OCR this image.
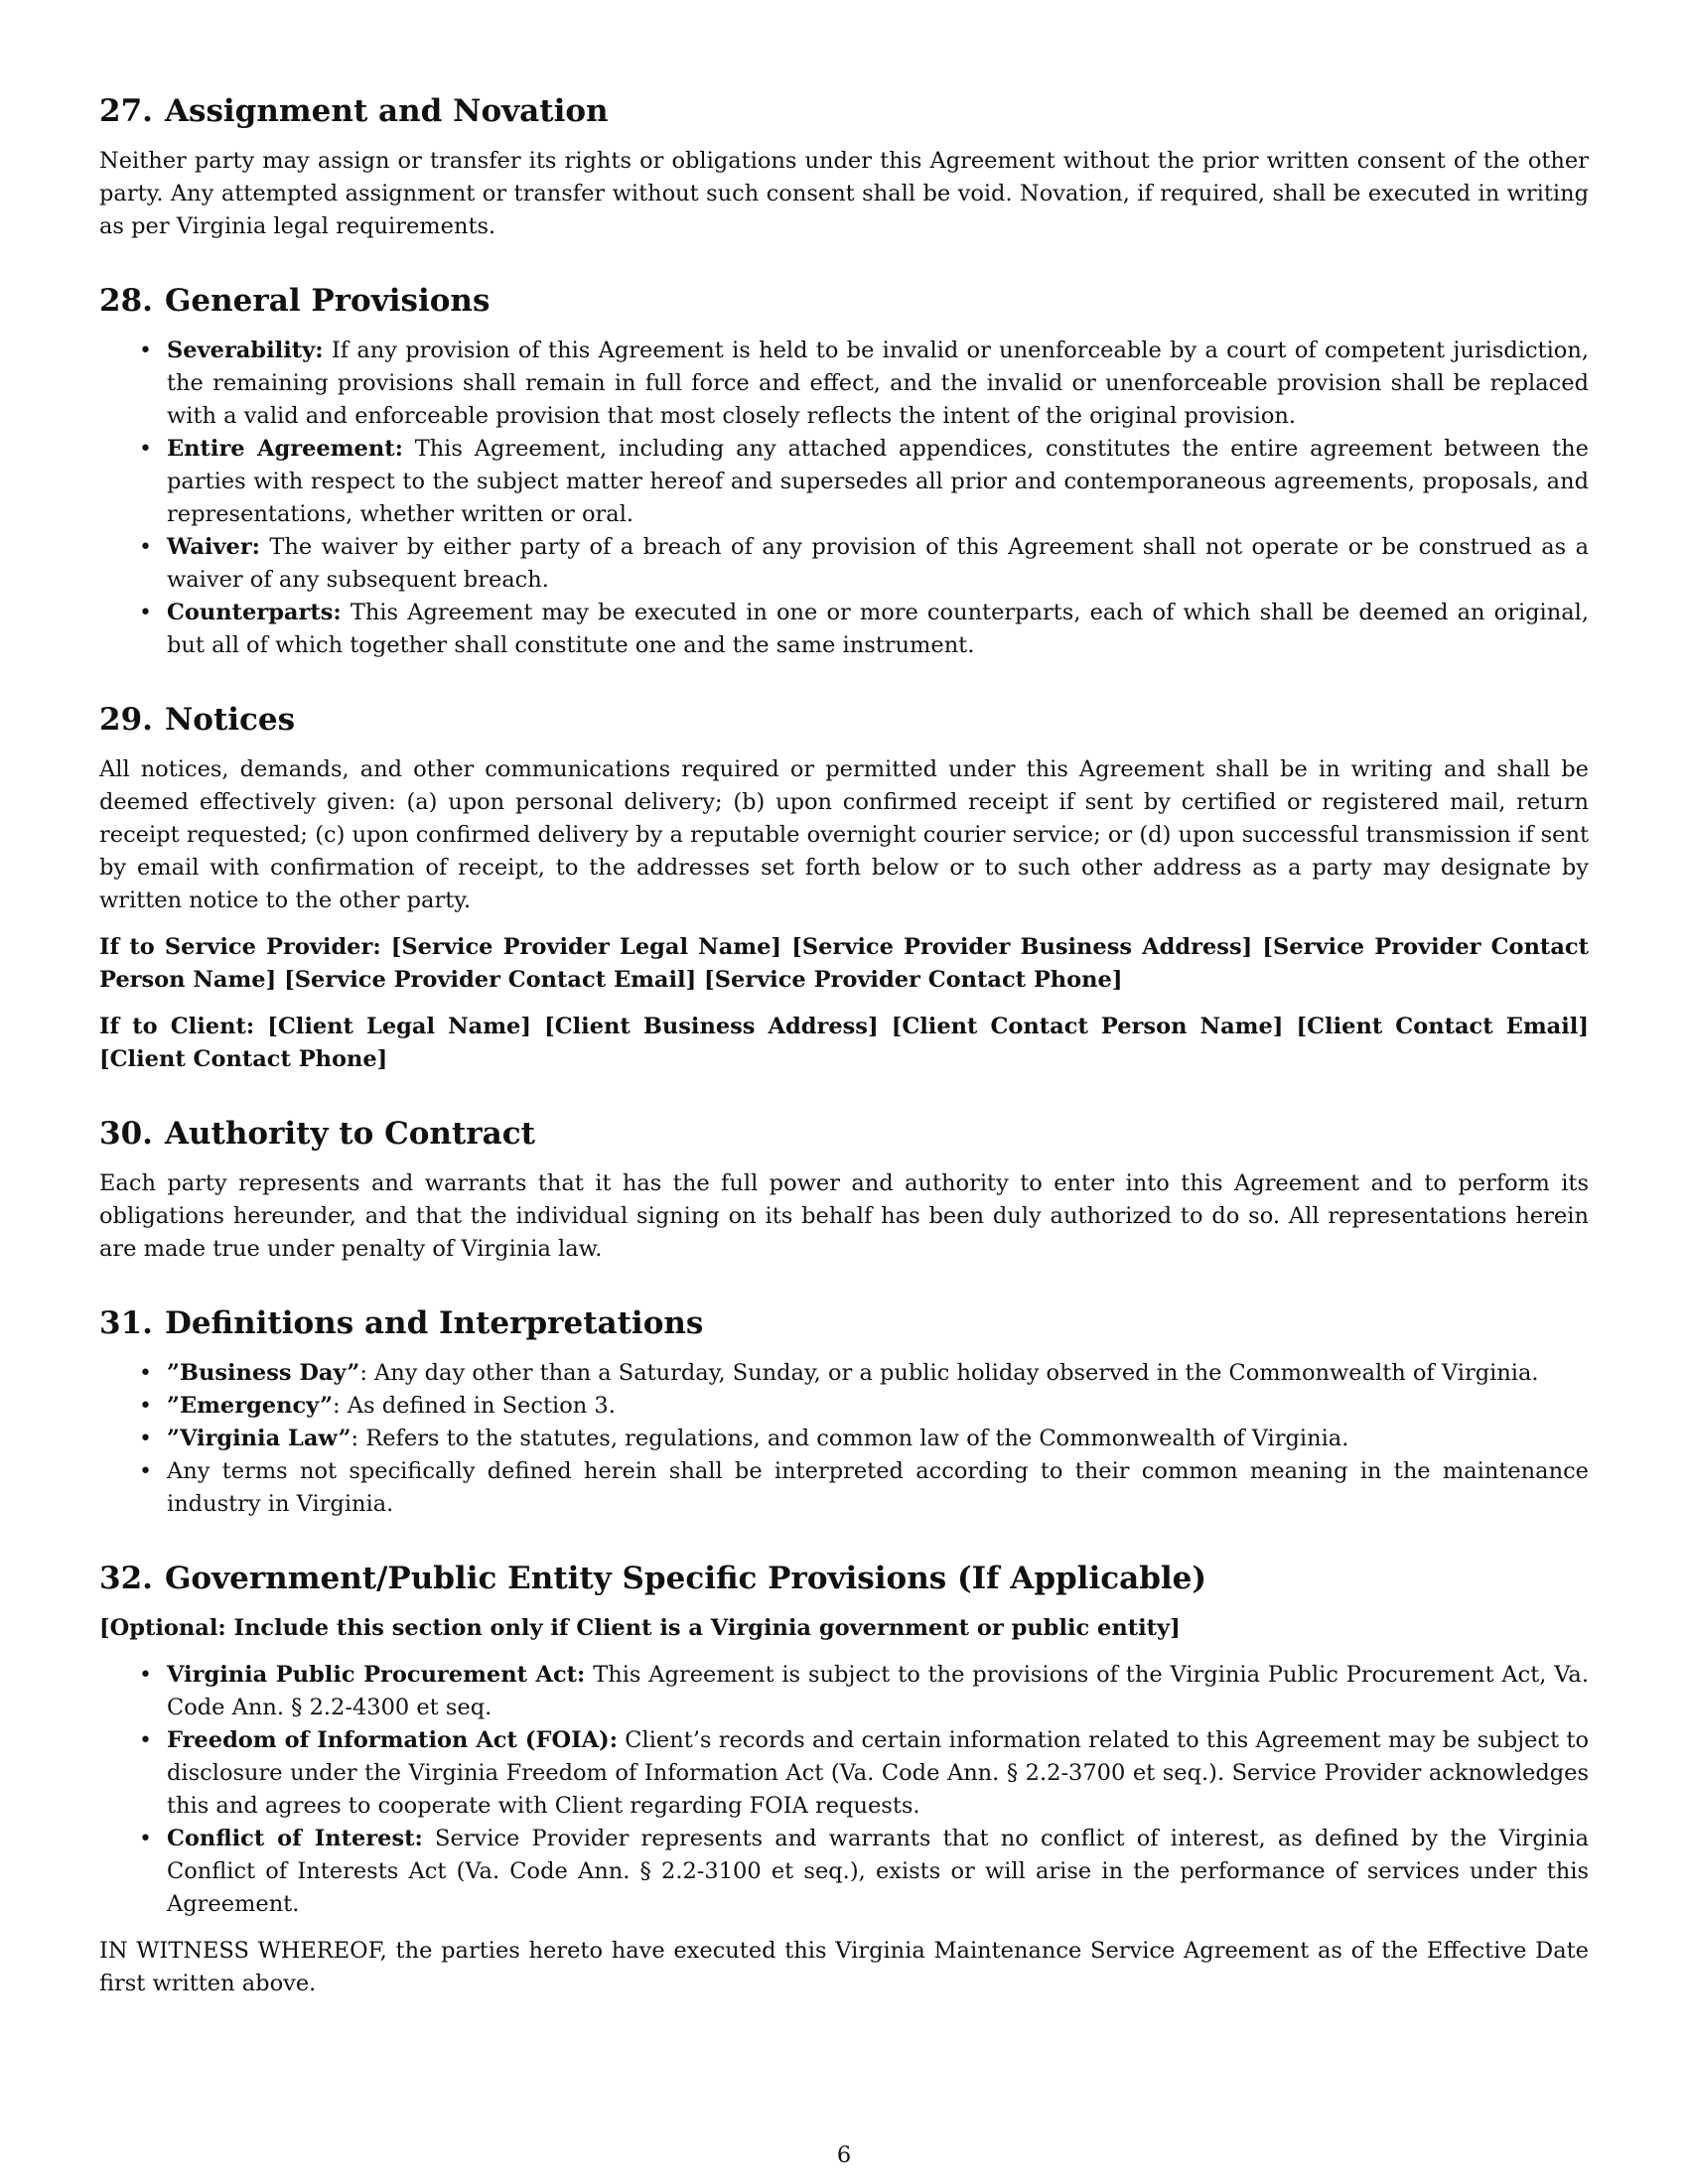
27. Assignment and Novation

Neither party may assign or transfer its rights or obligations under this Agreement without the prior written consent of the other party. Any attempted assignment or transfer without such consent shall be void. Novation, if required, shall be executed in writing as per Virginia legal requirements.

28. General Provisions
• Severability: If any provision of this Agreement is held to be invalid or unenforceable by a court of competent jurisdiction, the remaining provisions shall remain in full force and effect, and the invalid or unenforceable provision shall be replaced with a valid and enforceable provision that most closely reflects the intent of the original provision.
• Entire Agreement: This Agreement, including any attached appendices, constitutes the entire agreement between the parties with respect to the subject matter hereof and supersedes all prior and contemporaneous agreements, proposals, and representations, whether written or oral.
• Waiver: The waiver by either party of a breach of any provision of this Agreement shall not operate or be construed as a waiver of any subsequent breach.
• Counterparts: This Agreement may be executed in one or more counterparts, each of which shall be deemed an original, but all of which together shall constitute one and the same instrument.
29. Notices

All notices, demands, and other communications required or permitted under this Agreement shall be in writing and shall be deemed effectively given: (a) upon personal delivery; (b) upon confirmed receipt if sent by certified or registered mail, return receipt requested; (c) upon confirmed delivery by a reputable overnight courier service; or (d) upon successful transmission if sent by email with confirmation of receipt, to the addresses set forth below or to such other address as a party may designate by written notice to the other party.

If to Service Provider: [Service Provider Legal Name] [Service Provider Business Address] [Service Provider Contact Person Name] [Service Provider Contact Email] [Service Provider Contact Phone]

If to Client: [Client Legal Name] [Client Business Address] [Client Contact Person Name] [Client Contact Email] [Client Contact Phone]

30. Authority to Contract

Each party represents and warrants that it has the full power and authority to enter into this Agreement and to perform its obligations hereunder, and that the individual signing on its behalf has been duly authorized to do so. All representations herein are made true under penalty of Virginia law.

31. Definitions and Interpretations
• ”Business Day”: Any day other than a Saturday, Sunday, or a public holiday observed in the Commonwealth of Virginia.
• ”Emergency”: As defined in Section 3.
• ”Virginia Law”: Refers to the statutes, regulations, and common law of the Commonwealth of Virginia.
• Any terms not specifically defined herein shall be interpreted according to their common meaning in the maintenance industry in Virginia.
32. Government/Public Entity Specific Provisions (If Applicable)

[Optional: Include this section only if Client is a Virginia government or public entity]

• Virginia Public Procurement Act: This Agreement is subject to the provisions of the Virginia Public Procurement Act, Va. Code Ann. § 2.2-4300 et seq.
• Freedom of Information Act (FOIA): Client’s records and certain information related to this Agreement may be subject to disclosure under the Virginia Freedom of Information Act (Va. Code Ann. § 2.2-3700 et seq.). Service Provider acknowledges this and agrees to cooperate with Client regarding FOIA requests.
• Conflict of Interest: Service Provider represents and warrants that no conflict of interest, as defined by the Virginia Conflict of Interests Act (Va. Code Ann. § 2.2-3100 et seq.), exists or will arise in the performance of services under this Agreement.

IN WITNESS WHEREOF, the parties hereto have executed this Virginia Maintenance Service Agreement as of the Effective Date first written above.

6
